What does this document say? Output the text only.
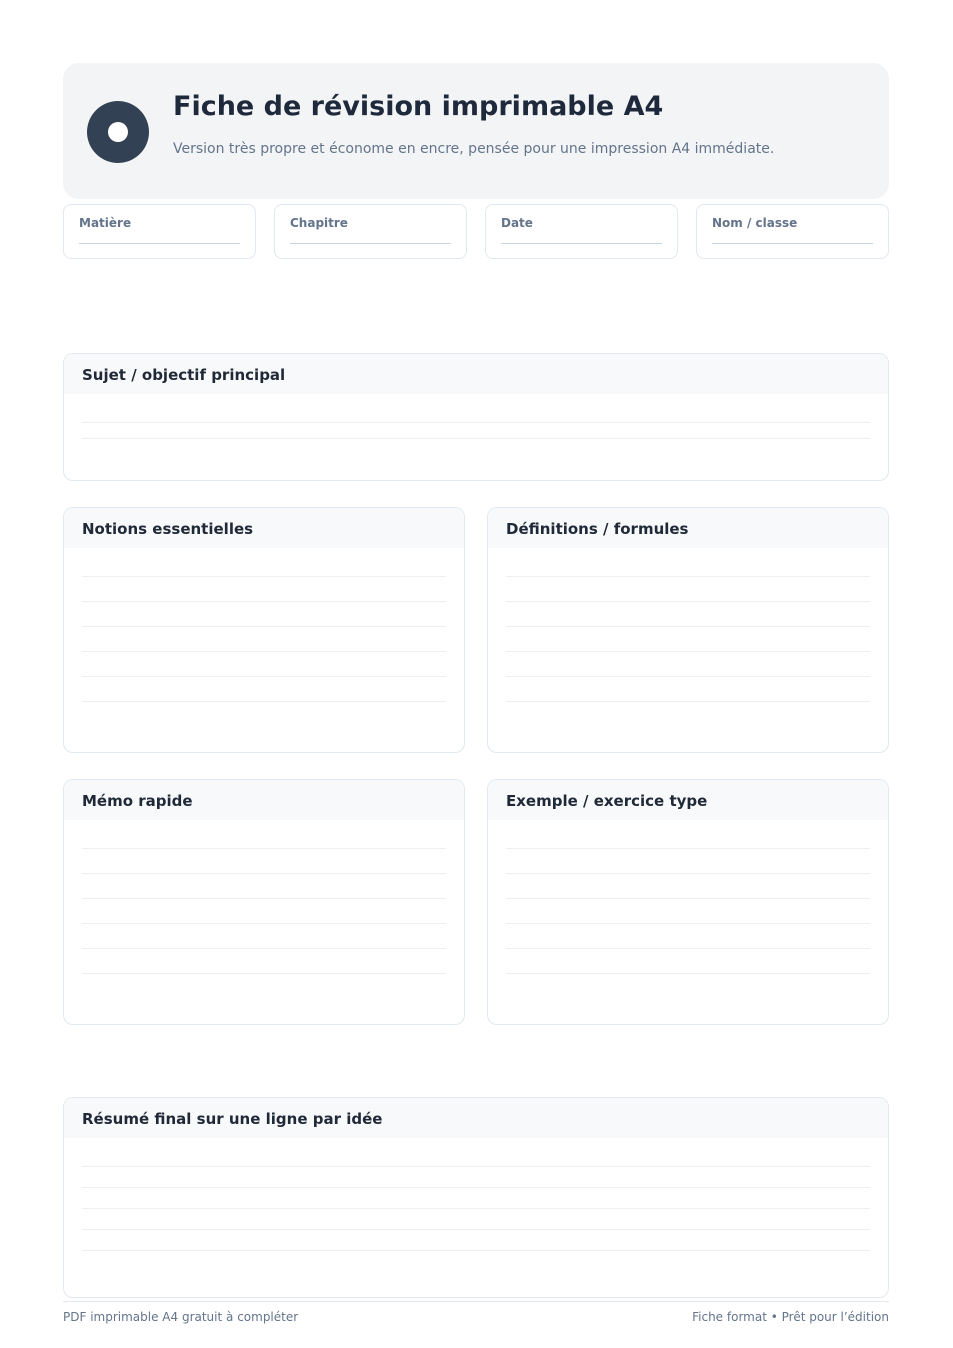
Fiche de révision imprimable A4
Version très propre et économe en encre, pensée pour une impression A4 immédiate.
Matière	Chapitre	Date	Nom / classe
Sujet / objectif principal
Notions essentielles	Définitions / formules
Mémo rapide	Exemple / exercice type
Résumé final sur une ligne par idée
PDF imprimable A4 gratuit à compléter	Fiche format • Prêt pour l’édition
